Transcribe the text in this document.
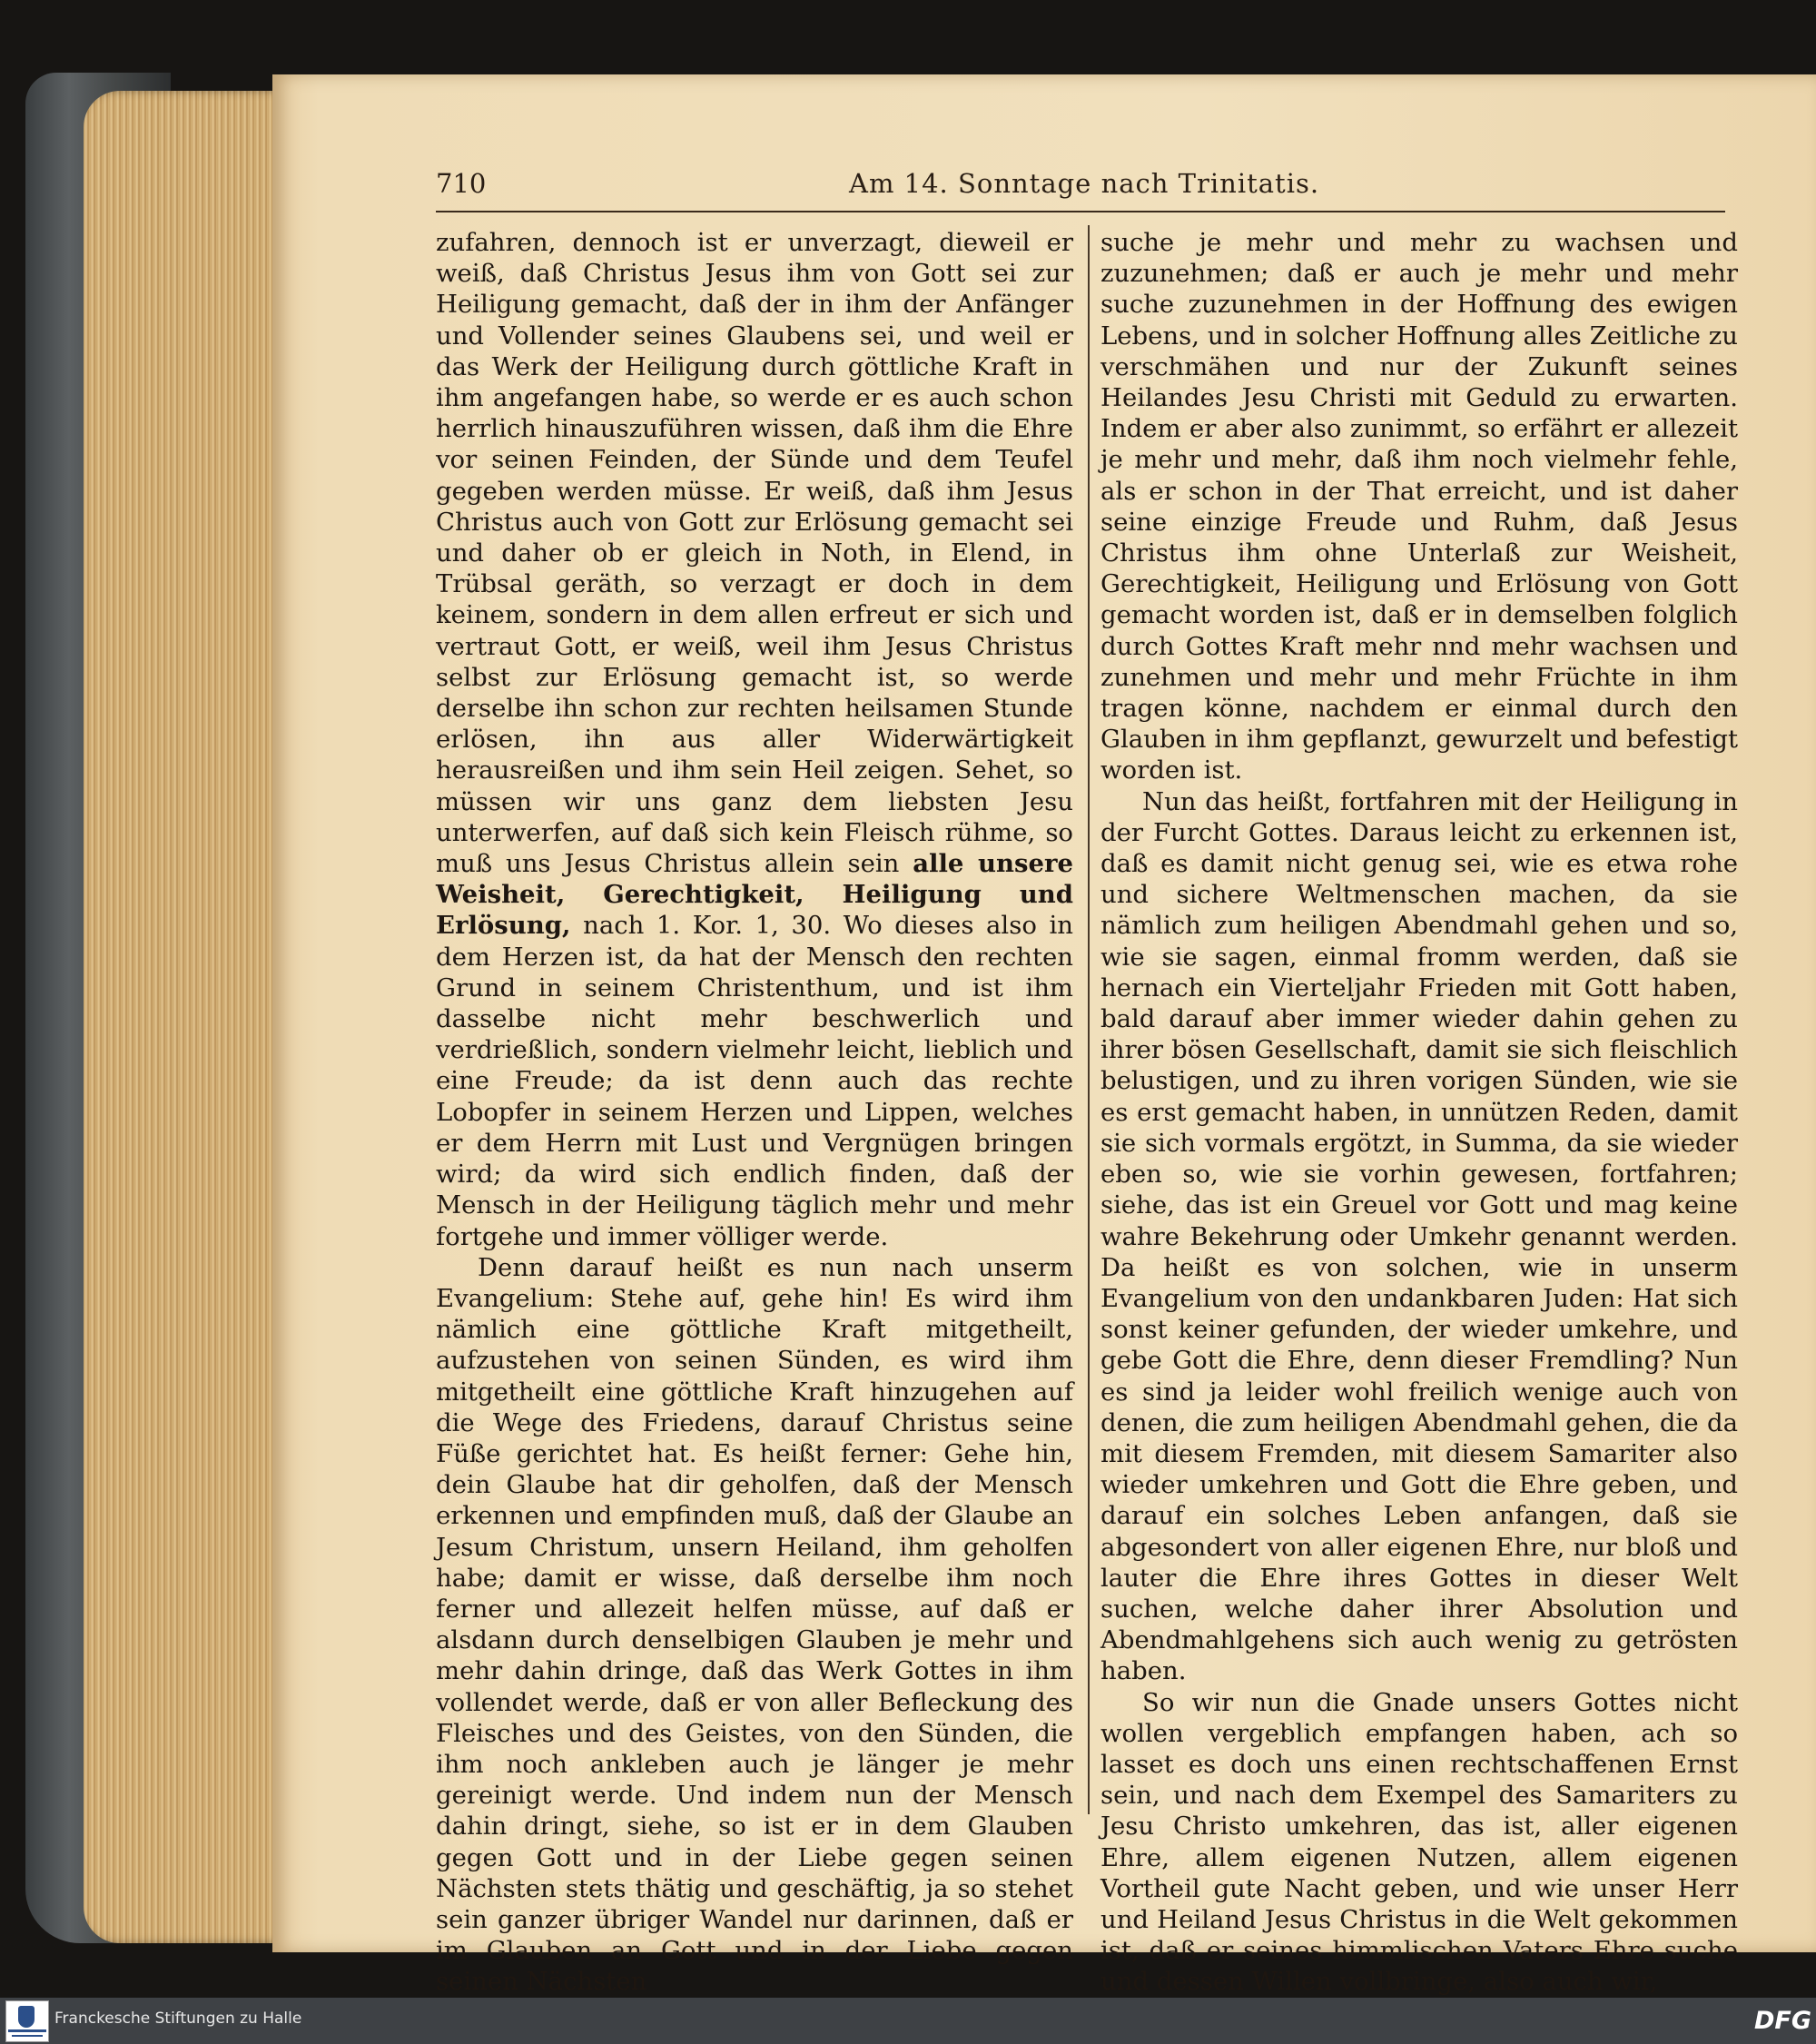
710	Am 14. Sonntage nach Trinitatis.

zufahren, dennoch ist er unverzagt, dieweil er weiß, daß Christus Jesus ihm von Gott sei zur Heiligung gemacht, daß der in ihm der Anfänger und Vollender seines Glaubens sei, und weil er das Werk der Heiligung durch göttliche Kraft in ihm angefangen habe, so werde er es auch schon herrlich hinauszuführen wissen, daß ihm die Ehre vor seinen Feinden, der Sünde und dem Teufel gegeben werden müsse. Er weiß, daß ihm Jesus Christus auch von Gott zur Erlösung gemacht sei und daher ob er gleich in Noth, in Elend, in Trübsal geräth, so verzagt er doch in dem keinem, sondern in dem allen erfreut er sich und vertraut Gott, er weiß, weil ihm Jesus Christus selbst zur Erlösung gemacht ist, so werde derselbe ihn schon zur rechten heilsamen Stunde erlösen, ihn aus aller Widerwärtigkeit herausreißen und ihm sein Heil zeigen. Sehet, so müssen wir uns ganz dem liebsten Jesu unterwerfen, auf daß sich kein Fleisch rühme, so muß uns Jesus Christus allein sein alle unsere Weisheit, Gerechtigkeit, Heiligung und Erlösung, nach 1. Kor. 1, 30. Wo dieses also in dem Herzen ist, da hat der Mensch den rechten Grund in seinem Christenthum, und ist ihm dasselbe nicht mehr beschwerlich und verdrießlich, sondern vielmehr leicht, lieblich und eine Freude; da ist denn auch das rechte Lobopfer in seinem Herzen und Lippen, welches er dem Herrn mit Lust und Vergnügen bringen wird; da wird sich endlich finden, daß der Mensch in der Heiligung täglich mehr und mehr fortgehe und immer völliger werde.

Denn darauf heißt es nun nach unserm Evangelium: Stehe auf, gehe hin! Es wird ihm nämlich eine göttliche Kraft mitgetheilt, aufzustehen von seinen Sünden, es wird ihm mitgetheilt eine göttliche Kraft hinzugehen auf die Wege des Friedens, darauf Christus seine Füße gerichtet hat. Es heißt ferner: Gehe hin, dein Glaube hat dir geholfen, daß der Mensch erkennen und empfinden muß, daß der Glaube an Jesum Christum, unsern Heiland, ihm geholfen habe; damit er wisse, daß derselbe ihm noch ferner und allezeit helfen müsse, auf daß er alsdann durch denselbigen Glauben je mehr und mehr dahin dringe, daß das Werk Gottes in ihm vollendet werde, daß er von aller Befleckung des Fleisches und des Geistes, von den Sünden, die ihm noch ankleben auch je länger je mehr gereinigt werde. Und indem nun der Mensch dahin dringt, siehe, so ist er in dem Glauben gegen Gott und in der Liebe gegen seinen Nächsten stets thätig und geschäftig, ja so stehet sein ganzer übriger Wandel nur darinnen, daß er im Glauben an Gott und in der Liebe gegen seinen Nächsten

suche je mehr und mehr zu wachsen und zuzunehmen; daß er auch je mehr und mehr suche zuzunehmen in der Hoffnung des ewigen Lebens, und in solcher Hoffnung alles Zeitliche zu verschmähen und nur der Zukunft seines Heilandes Jesu Christi mit Geduld zu erwarten. Indem er aber also zunimmt, so erfährt er allezeit je mehr und mehr, daß ihm noch vielmehr fehle, als er schon in der That erreicht, und ist daher seine einzige Freude und Ruhm, daß Jesus Christus ihm ohne Unterlaß zur Weisheit, Gerechtigkeit, Heiligung und Erlösung von Gott gemacht worden ist, daß er in demselben folglich durch Gottes Kraft mehr nnd mehr wachsen und zunehmen und mehr und mehr Früchte in ihm tragen könne, nachdem er einmal durch den Glauben in ihm gepflanzt, gewurzelt und befestigt worden ist.

Nun das heißt, fortfahren mit der Heiligung in der Furcht Gottes. Daraus leicht zu erkennen ist, daß es damit nicht genug sei, wie es etwa rohe und sichere Weltmenschen machen, da sie nämlich zum heiligen Abendmahl gehen und so, wie sie sagen, einmal fromm werden, daß sie hernach ein Vierteljahr Frieden mit Gott haben, bald darauf aber immer wieder dahin gehen zu ihrer bösen Gesellschaft, damit sie sich fleischlich belustigen, und zu ihren vorigen Sünden, wie sie es erst gemacht haben, in unnützen Reden, damit sie sich vormals ergötzt, in Summa, da sie wieder eben so, wie sie vorhin gewesen, fortfahren; siehe, das ist ein Greuel vor Gott und mag keine wahre Bekehrung oder Umkehr genannt werden. Da heißt es von solchen, wie in unserm Evangelium von den undankbaren Juden: Hat sich sonst keiner gefunden, der wieder umkehre, und gebe Gott die Ehre, denn dieser Fremdling? Nun es sind ja leider wohl freilich wenige auch von denen, die zum heiligen Abendmahl gehen, die da mit diesem Fremden, mit diesem Samariter also wieder umkehren und Gott die Ehre geben, und darauf ein solches Leben anfangen, daß sie abgesondert von aller eigenen Ehre, nur bloß und lauter die Ehre ihres Gottes in dieser Welt suchen, welche daher ihrer Absolution und Abendmahlgehens sich auch wenig zu getrösten haben.

So wir nun die Gnade unsers Gottes nicht wollen vergeblich empfangen haben, ach so lasset es doch uns einen rechtschaffenen Ernst sein, und nach dem Exempel des Samariters zu Jesu Christo umkehren, das ist, aller eigenen Ehre, allem eigenen Nutzen, allem eigenen Vortheil gute Nacht geben, und wie unser Herr und Heiland Jesus Christus in die Welt gekommen ist, daß er seines himmlischen Vaters Ehre suche und dessen Willen vollbringe, also auch wir,

Franckesche Stiftungen zu Halle	DFG
